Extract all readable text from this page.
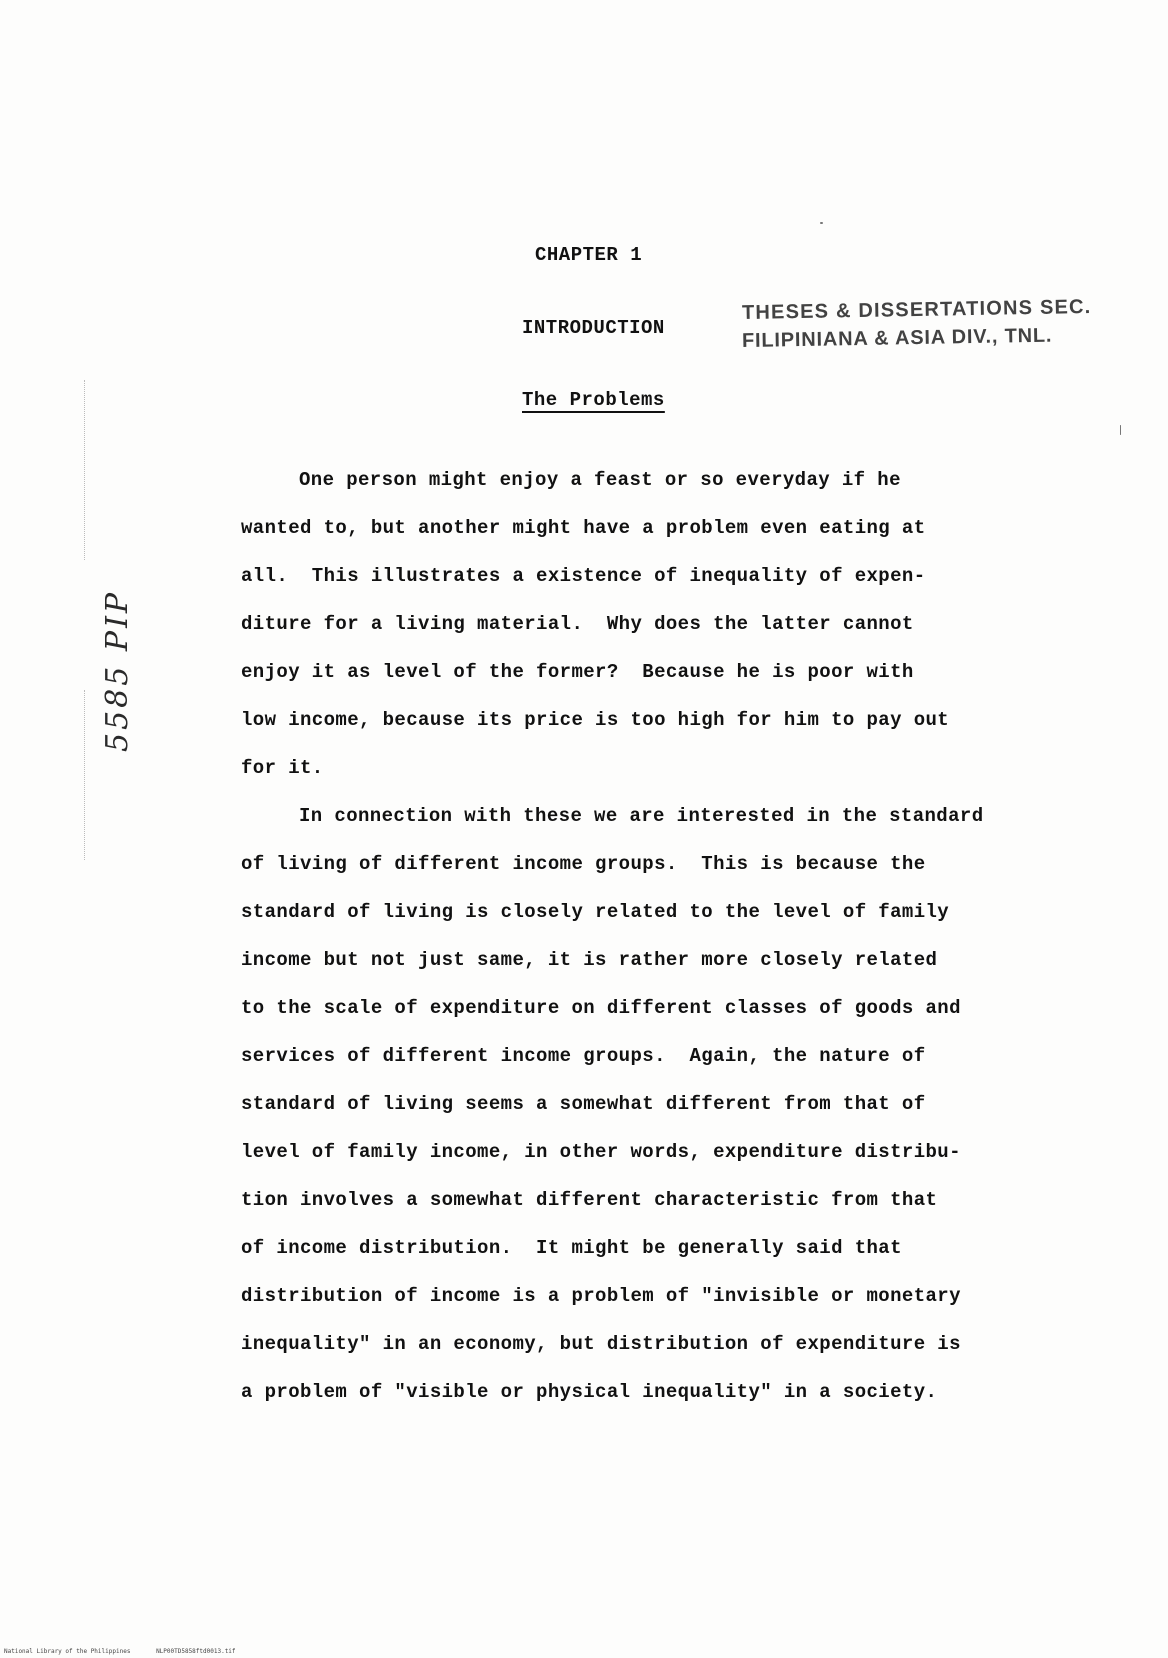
CHAPTER 1
INTRODUCTION
The Problems
THESES & DISSERTATIONS SEC.
FILIPINIANA & ASIA DIV., TNL.
5585 PIP
One person might enjoy a feast or so everyday if he
wanted to, but another might have a problem even eating at
all.  This illustrates a existence of inequality of expen-
diture for a living material.  Why does the latter cannot
enjoy it as level of the former?  Because he is poor with
low income, because its price is too high for him to pay out
for it.
In connection with these we are interested in the standard
of living of different income groups.  This is because the
standard of living is closely related to the level of family
income but not just same, it is rather more closely related
to the scale of expenditure on different classes of goods and
services of different income groups.  Again, the nature of
standard of living seems a somewhat different from that of
level of family income, in other words, expenditure distribu-
tion involves a somewhat different characteristic from that
of income distribution.  It might be generally said that
distribution of income is a problem of "invisible or monetary
inequality" in an economy, but distribution of expenditure is
a problem of "visible or physical inequality" in a society.
National Library of the Philippines	NLP00TD5858ftd0013.tif
